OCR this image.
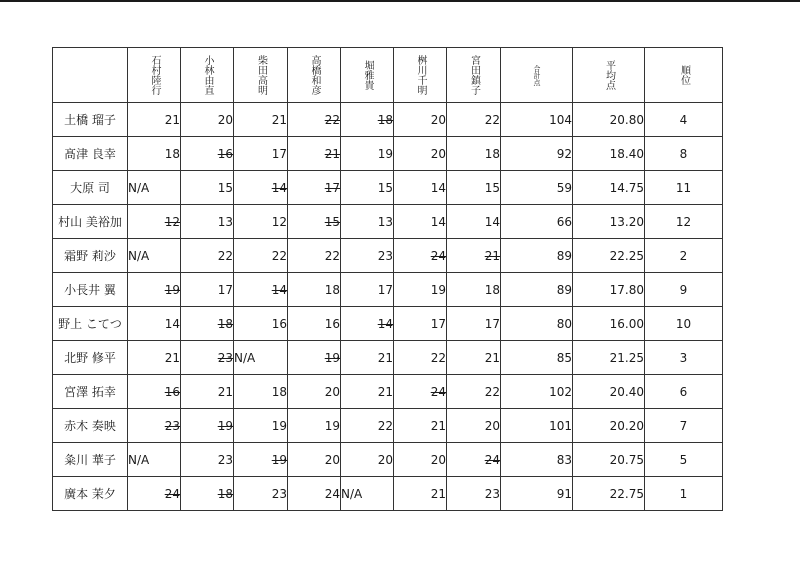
	石村陸行	小林由直	柴田高明	高橋和彦	堀雅貴	桝川千明	宮田鎮子	合計点	平均点	順位

土橋 瑠子	21	20	21	22	18	20	22	104	20.80	4
髙津 良幸	18	16	17	21	19	20	18	92	18.40	8
大原 司	N/A	15	14	17	15	14	15	59	14.75	11
村山 美裕加	12	13	12	15	13	14	14	66	13.20	12
霜野 莉沙	N/A	22	22	22	23	24	21	89	22.25	2
小長井 翼	19	17	14	18	17	19	18	89	17.80	9
野上 こてつ	14	18	16	16	14	17	17	80	16.00	10
北野 修平	21	23	N/A	19	21	22	21	85	21.25	3
宮澤 拓幸	16	21	18	20	21	24	22	102	20.40	6
赤木 奏映	23	19	19	19	22	21	20	101	20.20	7
粂川 華子	N/A	23	19	20	20	20	24	83	20.75	5
廣本 茉夕	24	18	23	24	N/A	21	23	91	22.75	1
